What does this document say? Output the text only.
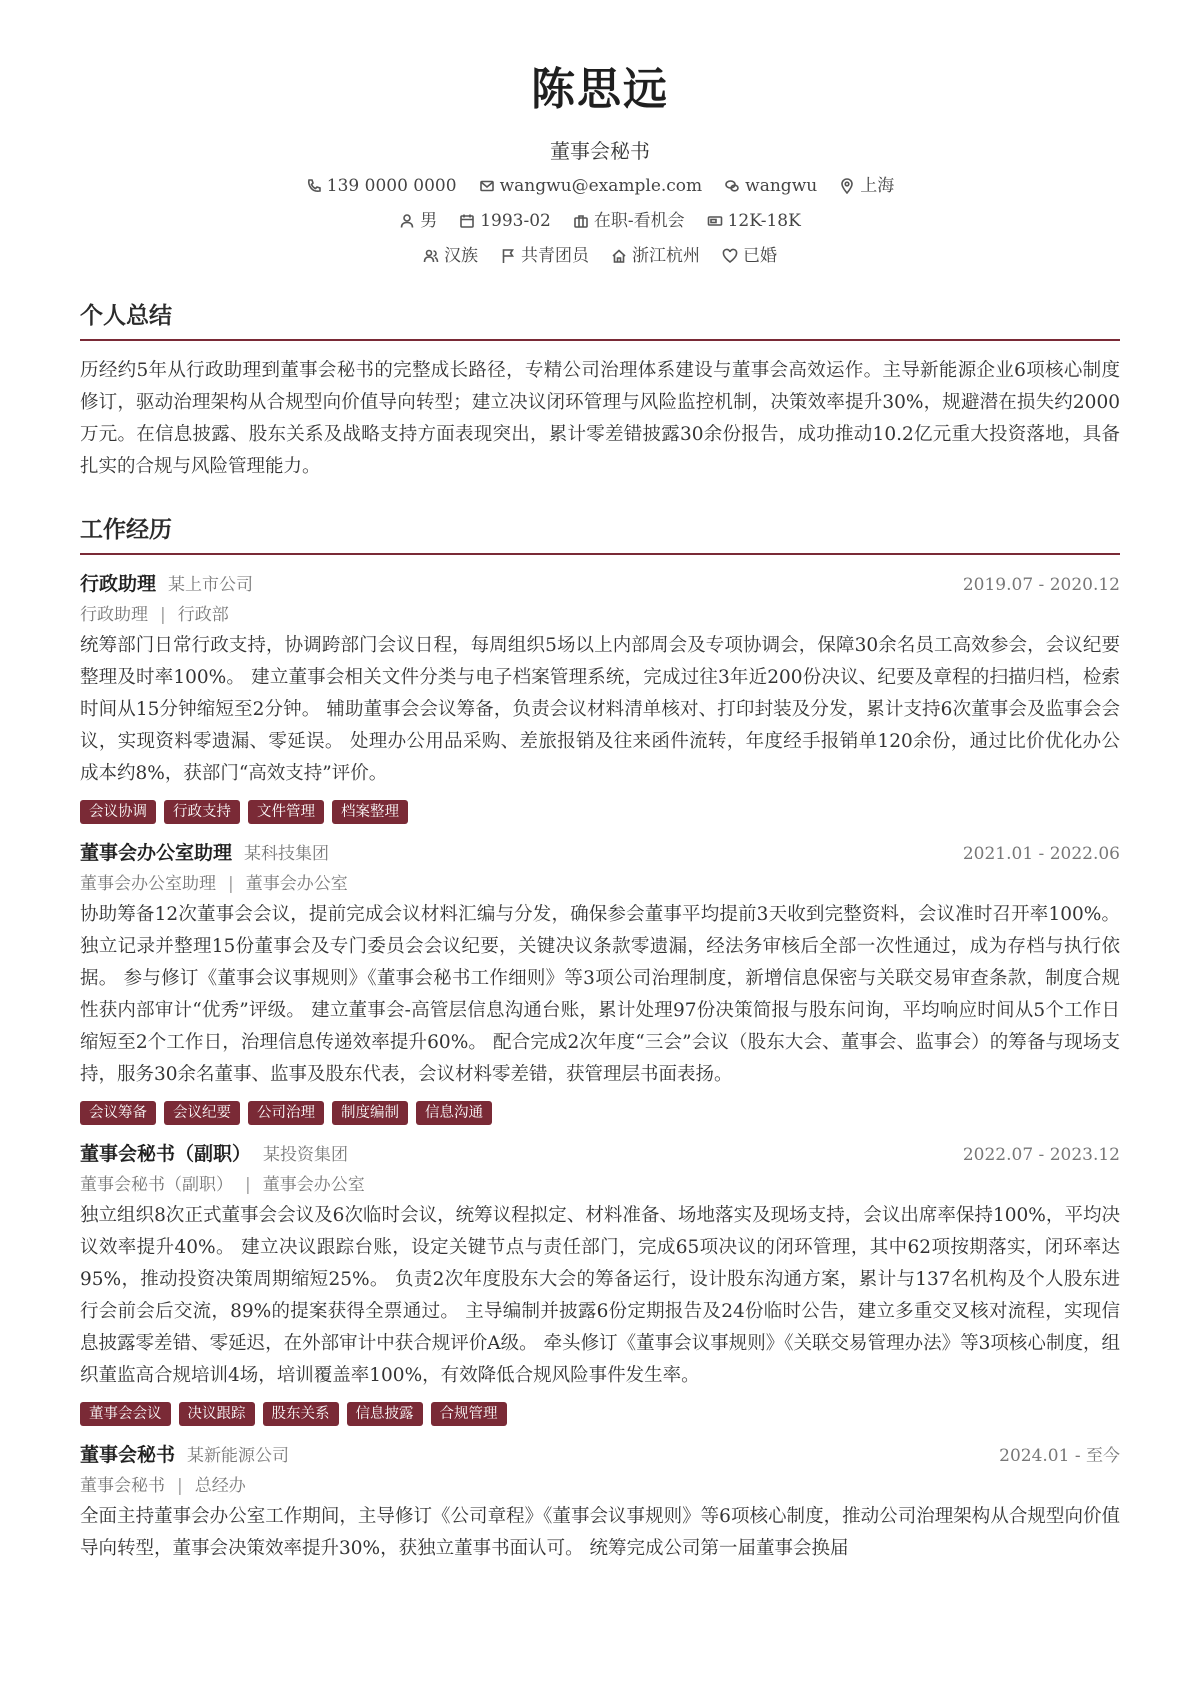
陈思远
董事会秘书
139 0000 0000	wangwu@example.com	wangwu	上海
男	1993-02	在职-看机会	12K-18K
汉族	共青团员	浙江杭州	已婚
个人总结
历经约5年从行政助理到董事会秘书的完整成长路径，专精公司治理体系建设与董事会高效运作。主导新能源企业6项核心制度修订，驱动治理架构从合规型向价值导向转型；建立决议闭环管理与风险监控机制，决策效率提升30%，规避潜在损失约2000万元。在信息披露、股东关系及战略支持方面表现突出，累计零差错披露30余份报告，成功推动10.2亿元重大投资落地，具备扎实的合规与风险管理能力。
工作经历
行政助理 某上市公司	2019.07 - 2020.12
行政助理 | 行政部
统筹部门日常行政支持，协调跨部门会议日程，每周组织5场以上内部周会及专项协调会，保障30余名员工高效参会，会议纪要整理及时率100%。 建立董事会相关文件分类与电子档案管理系统，完成过往3年近200份决议、纪要及章程的扫描归档，检索时间从15分钟缩短至2分钟。 辅助董事会会议筹备，负责会议材料清单核对、打印封装及分发，累计支持6次董事会及监事会会议，实现资料零遗漏、零延误。 处理办公用品采购、差旅报销及往来函件流转，年度经手报销单120余份，通过比价优化办公成本约8%，获部门“高效支持”评价。
会议协调	行政支持	文件管理	档案整理
董事会办公室助理 某科技集团	2021.01 - 2022.06
董事会办公室助理 | 董事会办公室
协助筹备12次董事会会议，提前完成会议材料汇编与分发，确保参会董事平均提前3天收到完整资料，会议准时召开率100%。 独立记录并整理15份董事会及专门委员会会议纪要，关键决议条款零遗漏，经法务审核后全部一次性通过，成为存档与执行依据。 参与修订《董事会议事规则》《董事会秘书工作细则》等3项公司治理制度，新增信息保密与关联交易审查条款，制度合规性获内部审计“优秀”评级。 建立董事会-高管层信息沟通台账，累计处理97份决策简报与股东问询，平均响应时间从5个工作日缩短至2个工作日，治理信息传递效率提升60%。 配合完成2次年度“三会”会议（股东大会、董事会、监事会）的筹备与现场支持，服务30余名董事、监事及股东代表，会议材料零差错，获管理层书面表扬。
会议筹备	会议纪要	公司治理	制度编制	信息沟通
董事会秘书（副职） 某投资集团	2022.07 - 2023.12
董事会秘书（副职） | 董事会办公室
独立组织8次正式董事会会议及6次临时会议，统筹议程拟定、材料准备、场地落实及现场支持，会议出席率保持100%，平均决议效率提升40%。 建立决议跟踪台账，设定关键节点与责任部门，完成65项决议的闭环管理，其中62项按期落实，闭环率达95%，推动投资决策周期缩短25%。 负责2次年度股东大会的筹备运行，设计股东沟通方案，累计与137名机构及个人股东进行会前会后交流，89%的提案获得全票通过。 主导编制并披露6份定期报告及24份临时公告，建立多重交叉核对流程，实现信息披露零差错、零延迟，在外部审计中获合规评价A级。 牵头修订《董事会议事规则》《关联交易管理办法》等3项核心制度，组织董监高合规培训4场，培训覆盖率100%，有效降低合规风险事件发生率。
董事会会议	决议跟踪	股东关系	信息披露	合规管理
董事会秘书 某新能源公司	2024.01 - 至今
董事会秘书 | 总经办
全面主持董事会办公室工作期间，主导修订《公司章程》《董事会议事规则》等6项核心制度，推动公司治理架构从合规型向价值导向转型，董事会决策效率提升30%，获独立董事书面认可。 统筹完成公司第一届董事会换届
